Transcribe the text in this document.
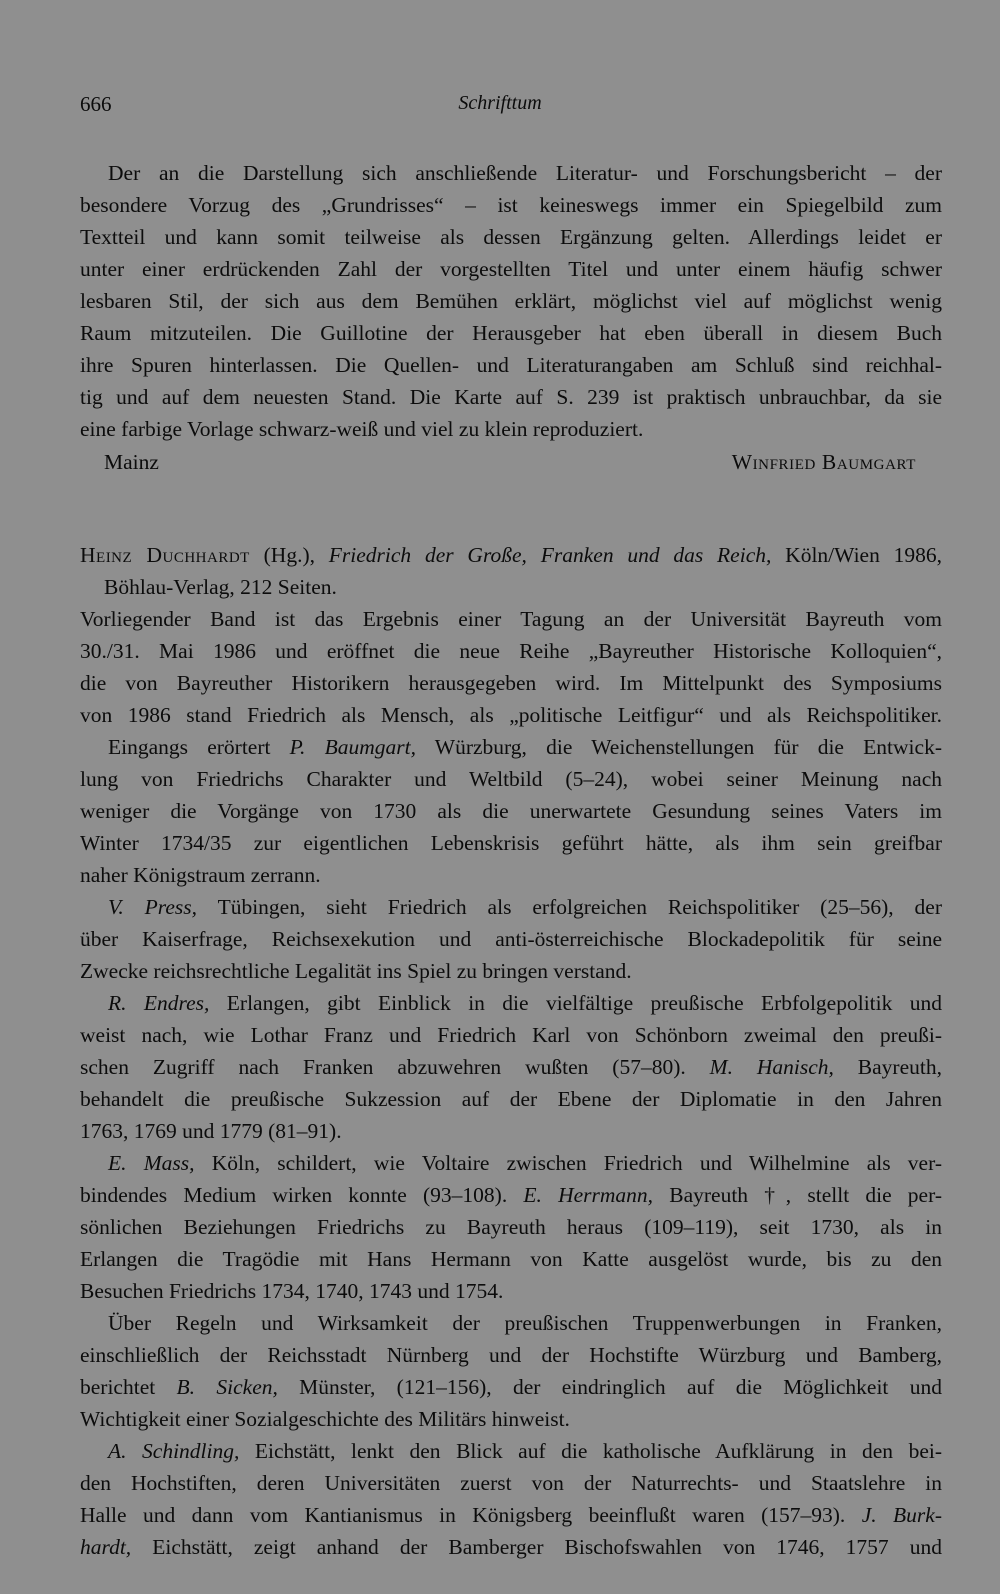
666	Schrifttum
Der an die Darstellung sich anschließende Literatur- und Forschungsbericht – der
besondere Vorzug des „Grundrisses“ – ist keineswegs immer ein Spiegelbild zum
Textteil und kann somit teilweise als dessen Ergänzung gelten. Allerdings leidet er
unter einer erdrückenden Zahl der vorgestellten Titel und unter einem häufig schwer
lesbaren Stil, der sich aus dem Bemühen erklärt, möglichst viel auf möglichst wenig
Raum mitzuteilen. Die Guillotine der Herausgeber hat eben überall in diesem Buch
ihre Spuren hinterlassen. Die Quellen- und Literaturangaben am Schluß sind reichhal-
tig und auf dem neuesten Stand. Die Karte auf S. 239 ist praktisch unbrauchbar, da sie
eine farbige Vorlage schwarz-weiß und viel zu klein reproduziert.
Mainz	Winfried Baumgart
Heinz Duchhardt (Hg.), Friedrich der Große, Franken und das Reich, Köln/Wien 1986,
Böhlau-Verlag, 212 Seiten.
Vorliegender Band ist das Ergebnis einer Tagung an der Universität Bayreuth vom
30./31. Mai 1986 und eröffnet die neue Reihe „Bayreuther Historische Kolloquien“,
die von Bayreuther Historikern herausgegeben wird. Im Mittelpunkt des Symposiums
von 1986 stand Friedrich als Mensch, als „politische Leitfigur“ und als Reichspolitiker.
Eingangs erörtert P. Baumgart, Würzburg, die Weichenstellungen für die Entwick-
lung von Friedrichs Charakter und Weltbild (5–24), wobei seiner Meinung nach
weniger die Vorgänge von 1730 als die unerwartete Gesundung seines Vaters im
Winter 1734/35 zur eigentlichen Lebenskrisis geführt hätte, als ihm sein greifbar
naher Königstraum zerrann.
V. Press, Tübingen, sieht Friedrich als erfolgreichen Reichspolitiker (25–56), der
über Kaiserfrage, Reichsexekution und anti-österreichische Blockadepolitik für seine
Zwecke reichsrechtliche Legalität ins Spiel zu bringen verstand.
R. Endres, Erlangen, gibt Einblick in die vielfältige preußische Erbfolgepolitik und
weist nach, wie Lothar Franz und Friedrich Karl von Schönborn zweimal den preußi-
schen Zugriff nach Franken abzuwehren wußten (57–80). M. Hanisch, Bayreuth,
behandelt die preußische Sukzession auf der Ebene der Diplomatie in den Jahren
1763, 1769 und 1779 (81–91).
E. Mass, Köln, schildert, wie Voltaire zwischen Friedrich und Wilhelmine als ver-
bindendes Medium wirken konnte (93–108). E. Herrmann, Bayreuth †, stellt die per-
sönlichen Beziehungen Friedrichs zu Bayreuth heraus (109–119), seit 1730, als in
Erlangen die Tragödie mit Hans Hermann von Katte ausgelöst wurde, bis zu den
Besuchen Friedrichs 1734, 1740, 1743 und 1754.
Über Regeln und Wirksamkeit der preußischen Truppenwerbungen in Franken,
einschließlich der Reichsstadt Nürnberg und der Hochstifte Würzburg und Bamberg,
berichtet B. Sicken, Münster, (121–156), der eindringlich auf die Möglichkeit und
Wichtigkeit einer Sozialgeschichte des Militärs hinweist.
A. Schindling, Eichstätt, lenkt den Blick auf die katholische Aufklärung in den bei-
den Hochstiften, deren Universitäten zuerst von der Naturrechts- und Staatslehre in
Halle und dann vom Kantianismus in Königsberg beeinflußt waren (157–93). J. Burk-
hardt, Eichstätt, zeigt anhand der Bamberger Bischofswahlen von 1746, 1757 und
